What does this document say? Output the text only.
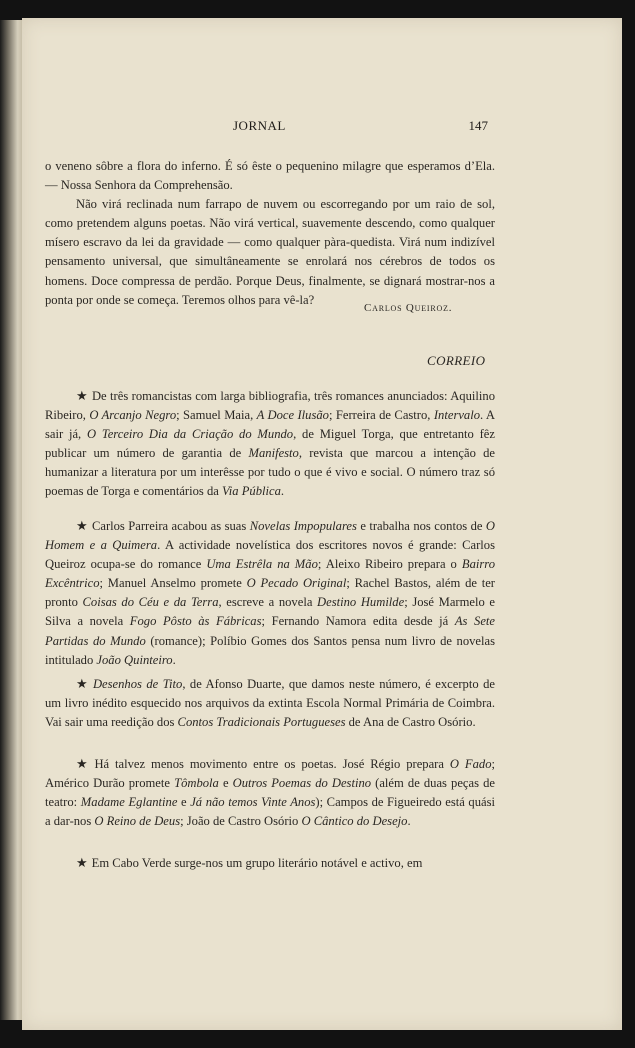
JORNAL	147

o veneno sôbre a flora do inferno. É só êste o pequenino milagre que esperamos d’Ela. — Nossa Senhora da Comprehensão.

Não virá reclinada num farrapo de nuvem ou escorregando por um raio de sol, como pretendem alguns poetas. Não virá vertical, suavemente descendo, como qualquer mísero escravo da lei da gravidade — como qualquer pàra-quedista. Virá num indizível pensamento universal, que simultâneamente se enrolará nos cérebros de todos os homens. Doce compressa de perdão. Porque Deus, finalmente, se dignará mostrar-nos a ponta por onde se começa. Teremos olhos para vê-la?

Carlos Queiroz.
CORREIO

★ De três romancistas com larga bibliografia, três romances anunciados: Aquilino Ribeiro, O Arcanjo Negro; Samuel Maia, A Doce Ilusão; Ferreira de Castro, Intervalo. A sair já, O Terceiro Dia da Criação do Mundo, de Miguel Torga, que entretanto fêz publicar um número de garantia de Manifesto, revista que marcou a intenção de humanizar a literatura por um interêsse por tudo o que é vivo e social. O número traz só poemas de Torga e comentários da Via Pública.

★ Carlos Parreira acabou as suas Novelas Impopulares e trabalha nos contos de O Homem e a Quimera. A actividade novelística dos escritores novos é grande: Carlos Queiroz ocupa-se do romance Uma Estrêla na Mão; Aleixo Ribeiro prepara o Bairro Excêntrico; Manuel Anselmo promete O Pecado Original; Rachel Bastos, além de ter pronto Coisas do Céu e da Terra, escreve a novela Destino Humilde; José Marmelo e Silva a novela Fogo Pôsto às Fábricas; Fernando Namora edita desde já As Sete Partidas do Mundo (romance); Políbio Gomes dos Santos pensa num livro de novelas intitulado João Quinteiro.

★ Desenhos de Tito, de Afonso Duarte, que damos neste número, é excerpto de um livro inédito esquecido nos arquivos da extinta Escola Normal Primária de Coimbra. Vai sair uma reedição dos Contos Tradicionais Portugueses de Ana de Castro Osório.

★ Há talvez menos movimento entre os poetas. José Régio prepara O Fado; Américo Durão promete Tômbola e Outros Poemas do Destino (além de duas peças de teatro: Madame Eglantine e Já não temos Vinte Anos); Campos de Figueiredo está quási a dar-nos O Reino de Deus; João de Castro Osório O Cântico do Desejo.

★ Em Cabo Verde surge-nos um grupo literário notável e activo, em
